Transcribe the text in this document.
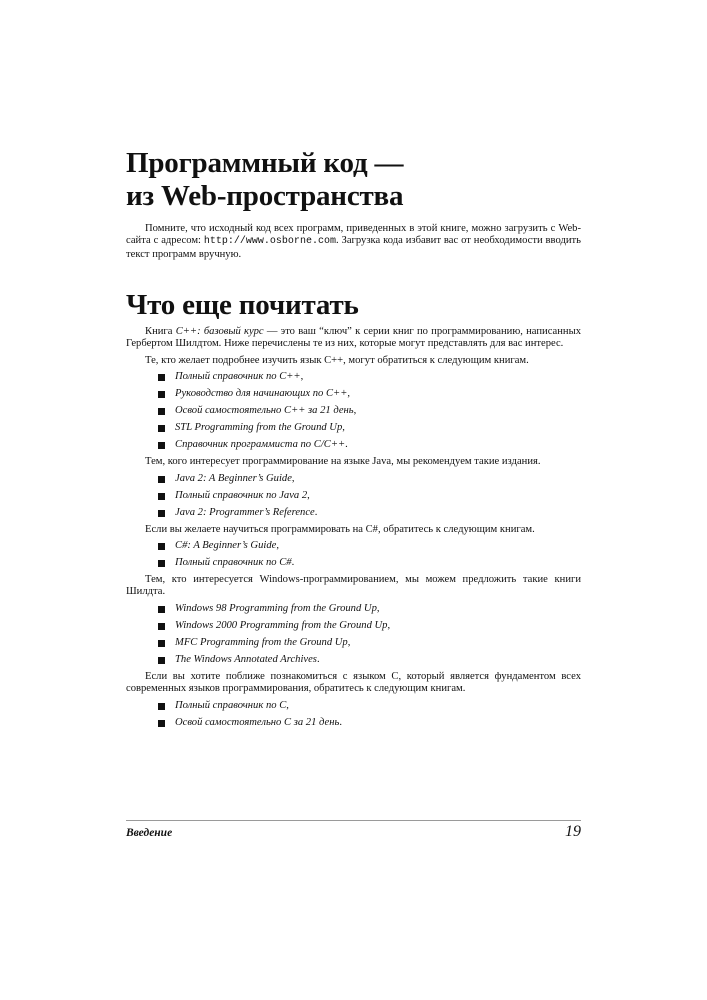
Программный код —

из Web-пространства

Помните, что исходный код всех программ, приведенных в этой книге, можно загрузить с Web-сайта с адресом: http://www.osborne.com. Загрузка кода избавит вас от необходимости вводить текст программ вручную.

Что еще почитать

Книга С++: базовый курс — это ваш “ключ” к серии книг по программированию, написанных Гербертом Шилдтом. Ниже перечислены те из них, которые могут представлять для вас интерес.

Те, кто желает подробнее изучить язык С++, могут обратиться к следующим книгам.

Полный справочник по С++,
Руководство для начинающих по С++,
Освой самостоятельно С++ за 21 день,
STL Programming from the Ground Up,
Справочник программиста по С/С++.

Тем, кого интересует программирование на языке Java, мы рекомендуем такие издания.

Java 2: A Beginner’s Guide,
Полный справочник по Java 2,
Java 2: Programmer’s Reference.

Если вы желаете научиться программировать на C#, обратитесь к следующим книгам.

C#: A Beginner’s Guide,
Полный справочник по C#.

Тем, кто интересуется Windows-программированием, мы можем предложить такие книги Шилдта.

Windows 98 Programming from the Ground Up,
Windows 2000 Programming from the Ground Up,
MFC Programming from the Ground Up,
The Windows Annotated Archives.

Если вы хотите поближе познакомиться с языком С, который является фундаментом всех современных языков программирования, обратитесь к следующим книгам.

Полный справочник по С,
Освой самостоятельно С за 21 день.
Введение	19
